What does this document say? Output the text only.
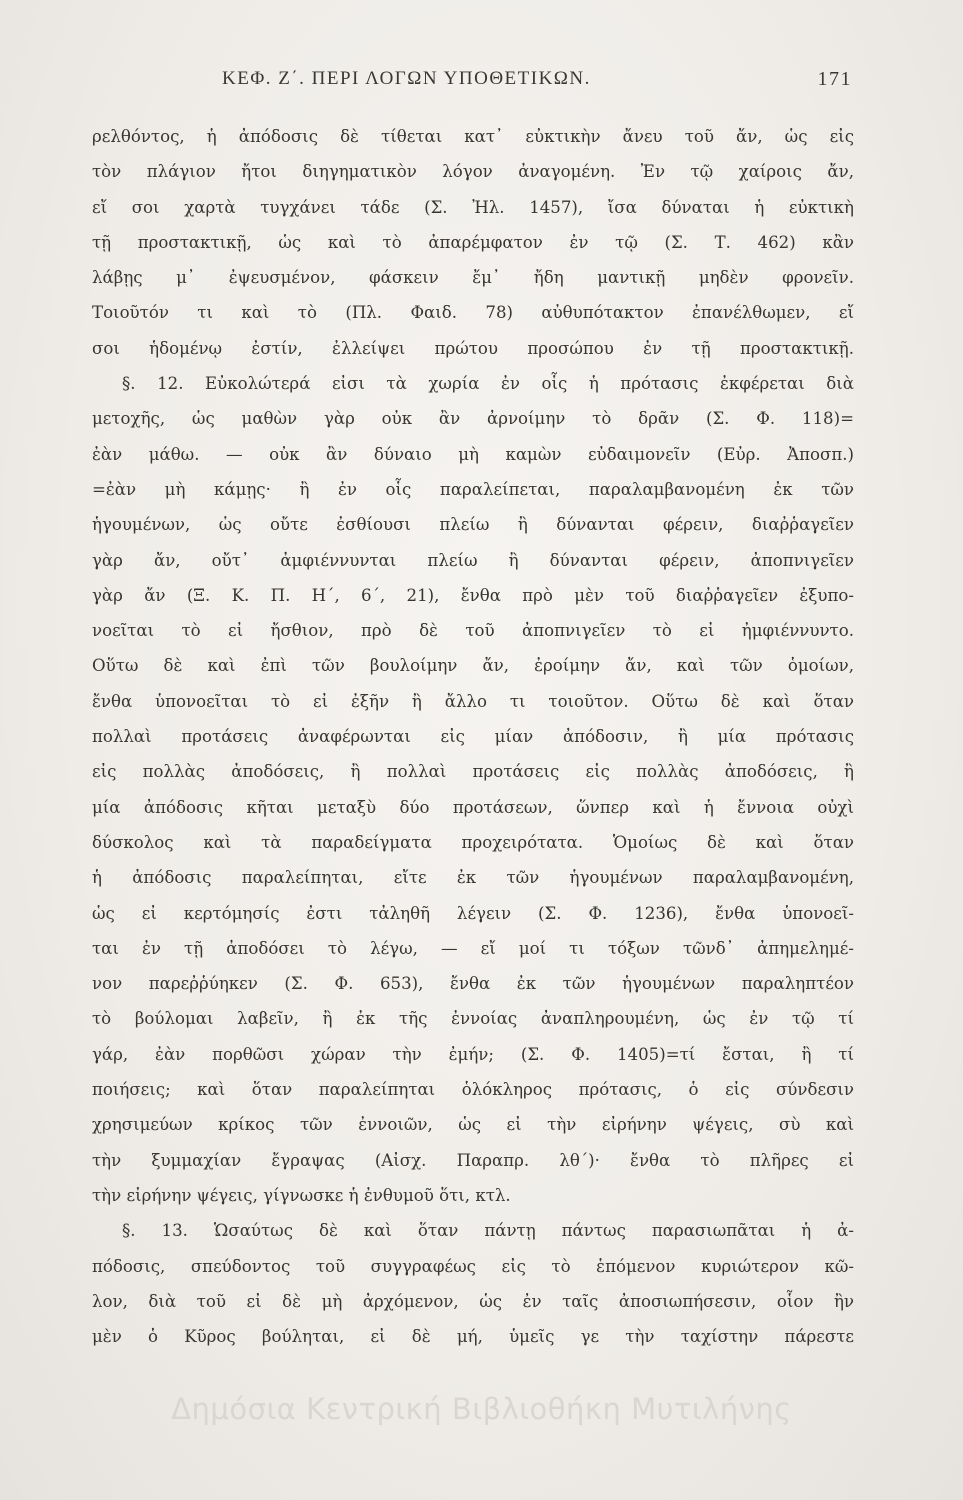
ΚΕΦ. Ζ΄. ΠΕΡΙ ΛΟΓΩΝ ΥΠΟΘΕΤΙΚΩΝ.	171
ρελθόντος, ἡ ἀπόδοσις δὲ τίθεται κατ᾽ εὐκτικὴν ἄνευ τοῦ ἄν, ὡς εἰς
τὸν πλάγιον ἤτοι διηγηματικὸν λόγον ἀναγομένη. Ἐν τῷ χαίροις ἄν,
εἴ σοι χαρτὰ τυγχάνει τάδε (Σ. Ἠλ. 1457), ἴσα δύναται ἡ εὐκτικὴ
τῇ προστακτικῇ, ὡς καὶ τὸ ἀπαρέμφατον ἐν τῷ (Σ. Τ. 462) κἂν
λάβῃς μ᾽ ἐψευσμένον, φάσκειν ἔμ᾽ ἤδη μαντικῇ μηδὲν φρονεῖν.
Τοιοῦτόν τι καὶ τὸ (Πλ. Φαιδ. 78) αὐθυπότακτον ἐπανέλθωμεν, εἴ
σοι ἡδομένῳ ἐστίν, ἐλλείψει πρώτου προσώπου ἐν τῇ προστακτικῇ.
§. 12. Εὐκολώτερά εἰσι τὰ χωρία ἐν οἷς ἡ πρότασις ἐκφέρεται διὰ
μετοχῆς, ὡς μαθὼν γὰρ οὐκ ἂν ἀρνοίμην τὸ δρᾶν (Σ. Φ. 118)=
ἐὰν μάθω. — οὐκ ἂν δύναιο μὴ καμὼν εὐδαιμονεῖν (Εὐρ. Ἀποσπ.)
=ἐὰν μὴ κάμῃς· ἢ ἐν οἷς παραλείπεται, παραλαμβανομένη ἐκ τῶν
ἡγουμένων, ὡς οὔτε ἐσθίουσι πλείω ἢ δύνανται φέρειν, διαῤῥαγεῖεν
γὰρ ἄν, οὔτ᾽ ἀμφιέννυνται πλείω ἢ δύνανται φέρειν, ἀποπνιγεῖεν
γὰρ ἄν (Ξ. Κ. Π. Η΄, 6΄, 21), ἔνθα πρὸ μὲν τοῦ διαῤῥαγεῖεν ἐξυπο-
νοεῖται τὸ εἰ ἤσθιον, πρὸ δὲ τοῦ ἀποπνιγεῖεν τὸ εἰ ἠμφιέννυντο.
Οὕτω δὲ καὶ ἐπὶ τῶν βουλοίμην ἄν, ἐροίμην ἄν, καὶ τῶν ὁμοίων,
ἔνθα ὑπονοεῖται τὸ εἰ ἐξῆν ἢ ἄλλο τι τοιοῦτον. Οὕτω δὲ καὶ ὅταν
πολλαὶ προτάσεις ἀναφέρωνται εἰς μίαν ἀπόδοσιν, ἢ μία πρότασις
εἰς πολλὰς ἀποδόσεις, ἢ πολλαὶ προτάσεις εἰς πολλὰς ἀποδόσεις, ἢ
μία ἀπόδοσις κῆται μεταξὺ δύο προτάσεων, ὥνπερ καὶ ἡ ἔννοια οὐχὶ
δύσκολος καὶ τὰ παραδείγματα προχειρότατα. Ὁμοίως δὲ καὶ ὅταν
ἡ ἀπόδοσις παραλείπηται, εἴτε ἐκ τῶν ἡγουμένων παραλαμβανομένη,
ὡς εἰ κερτόμησίς ἐστι τἀληθῆ λέγειν (Σ. Φ. 1236), ἔνθα ὑπονοεῖ-
ται ἐν τῇ ἀποδόσει τὸ λέγω, — εἴ μοί τι τόξων τῶνδ᾽ ἀπημελημέ-
νον παρεῤῥύηκεν (Σ. Φ. 653), ἔνθα ἐκ τῶν ἡγουμένων παραληπτέον
τὸ βούλομαι λαβεῖν, ἢ ἐκ τῆς ἐννοίας ἀναπληρουμένη, ὡς ἐν τῷ τί
γάρ, ἐὰν πορθῶσι χώραν τὴν ἐμήν; (Σ. Φ. 1405)=τί ἔσται, ἢ τί
ποιήσεις; καὶ ὅταν παραλείπηται ὁλόκληρος πρότασις, ὁ εἰς σύνδεσιν
χρησιμεύων κρίκος τῶν ἐννοιῶν, ὡς εἰ τὴν εἰρήνην ψέγεις, σὺ καὶ
τὴν ξυμμαχίαν ἔγραψας (Αἰσχ. Παραπρ. λθ΄)· ἔνθα τὸ πλῆρες εἰ
τὴν εἰρήνην ψέγεις, γίγνωσκε ἡ ἐνθυμοῦ ὅτι, κτλ.
§. 13. Ὡσαύτως δὲ καὶ ὅταν πάντῃ πάντως παρασιωπᾶται ἡ ἀ-
πόδοσις, σπεύδοντος τοῦ συγγραφέως εἰς τὸ ἑπόμενον κυριώτερον κῶ-
λον, διὰ τοῦ εἰ δὲ μὴ ἀρχόμενον, ὡς ἐν ταῖς ἀποσιωπήσεσιν, οἷον ἢν
μὲν ὁ Κῦρος βούληται, εἰ δὲ μή, ὑμεῖς γε τὴν ταχίστην πάρεστε
Δημόσια Κεντρική Βιβλιοθήκη Μυτιλήνης
